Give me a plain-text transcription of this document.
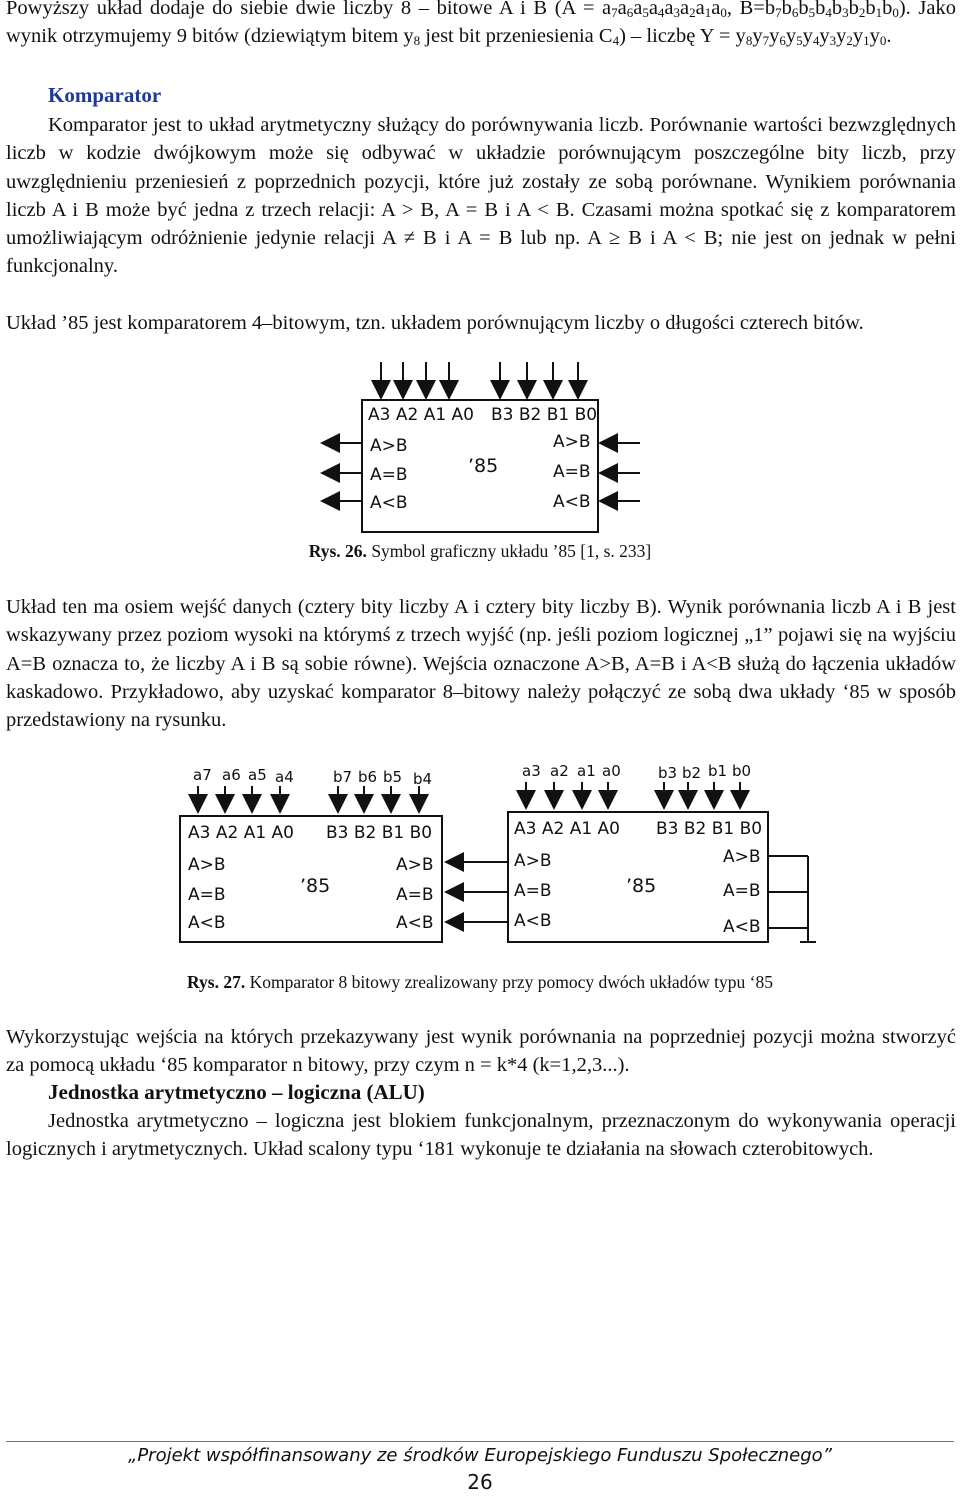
Powyższy układ dodaje do siebie dwie liczby 8 – bitowe A i B ($A = a_7a_6a_5a_4a_3a_2a_1a_0$, $B=b_7b_6b_5b_4b_3b_2b_1b_0$). Jako wynik otrzymujemy 9 bitów (dziewiątym bitem $y_8$ jest bit przeniesienia $C_4$) – liczbę $Y = y_8y_7y_6y_5y_4y_3y_2y_1y_0$.

Komparator

Komparator jest to układ arytmetyczny służący do porównywania liczb. Porównanie wartości bezwzględnych liczb w kodzie dwójkowym może się odbywać w układzie porównującym poszczególne bity liczb, przy uwzględnieniu przeniesień z poprzednich pozycji, które już zostały ze sobą porównane. Wynikiem porównania liczb A i B może być jedna z trzech relacji: A > B, A = B i A < B. Czasami można spotkać się z komparatorem umożliwiającym odróżnienie jedynie relacji A ≠ B i A = B lub np. A ≥ B i A < B; nie jest on jednak w pełni funkcjonalny.

Układ ’85 jest komparatorem 4–bitowym, tzn. układem porównującym liczby o długości czterech bitów.

A3 A2 A1 A0 B3 B2 B1 B0
A>B
A=B
A<B
A>B
A=B
A<B
’85
Rys. 26. Symbol graficzny układu ’85 [1, s. 233]

Układ ten ma osiem wejść danych (cztery bity liczby A i cztery bity liczby B). Wynik porównania liczb A i B jest wskazywany przez poziom wysoki na którymś z trzech wyjść (np. jeśli poziom logicznej „1” pojawi się na wyjściu A=B oznacza to, że liczby A i B są sobie równe). Wejścia oznaczone A>B, A=B i A<B służą do łączenia układów kaskadowo. Przykładowo, aby uzyskać komparator 8–bitowy należy połączyć ze sobą dwa układy ‘85 w sposób przedstawiony na rysunku.

a7 a6 a5 a4	b7 b6 b5 b4
A3 A2 A1 A0 B3 B2 B1 B0
A>B
A=B
A<B
A>B
A=B
A<B
’85
a3 a2 a1 a0 b3 b2 b1 b0
A3 A2 A1 A0 B3 B2 B1 B0
A>B
A=B
A<B
A>B
A=B
A<B
’85
Rys. 27. Komparator 8 bitowy zrealizowany przy pomocy dwóch układów typu ‘85

Wykorzystując wejścia na których przekazywany jest wynik porównania na poprzedniej pozycji można stworzyć za pomocą układu ‘85 komparator n bitowy, przy czym n = k*4 (k=1,2,3...).

Jednostka arytmetyczno – logiczna (ALU)

Jednostka arytmetyczno – logiczna jest blokiem funkcjonalnym, przeznaczonym do wykonywania operacji logicznych i arytmetycznych. Układ scalony typu ‘181 wykonuje te działania na słowach czterobitowych.

„Projekt współfinansowany ze środków Europejskiego Funduszu Społecznego”
26
